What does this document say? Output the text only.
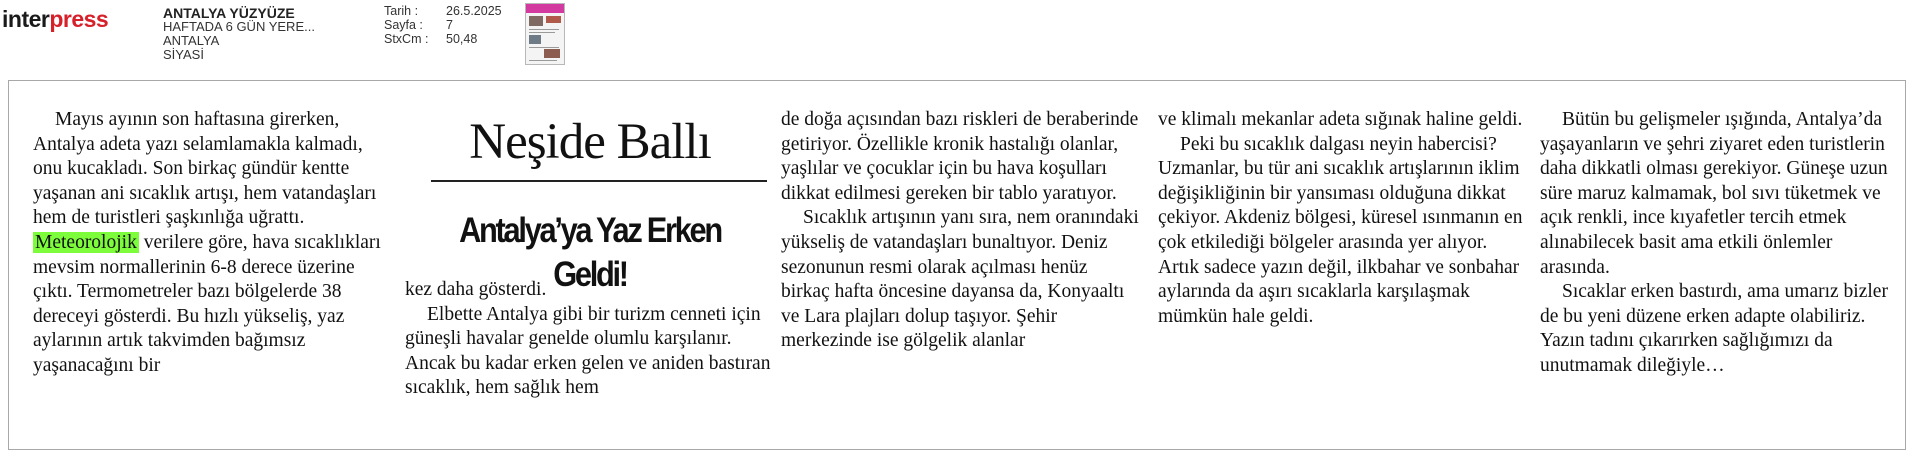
interpress	ANTALYA YÜZYÜZE
HAFTADA 6 GÜN YERE...
ANTALYA
SİYASİ
Tarih :	26.5.2025
Sayfa :	7
StxCm :	50,48

Mayıs ayının son haftasına girerken, Antalya adeta yazı selamlamakla kalmadı, onu kucakladı. Son birkaç gündür kentte yaşanan ani sıcaklık artışı, hem vatandaşları hem de turistleri şaşkınlığa uğrattı. Meteorolojik verilere göre, hava sıcaklıkları mevsim normallerinin 6-8 derece üzerine çıktı. Termometreler bazı bölgelerde 38 dereceyi gösterdi. Bu hızlı yükseliş, yaz aylarının artık takvimden bağımsız yaşanacağını bir

Neşide Ballı
Antalya’ya Yaz Erken Geldi!

kez daha gösterdi.

Elbette Antalya gibi bir turizm cenneti için güneşli havalar genelde olumlu karşılanır. Ancak bu kadar erken gelen ve aniden bastıran sıcaklık, hem sağlık hem

de doğa açısından bazı riskleri de beraberinde getiriyor. Özellikle kronik hastalığı olanlar, yaşlılar ve çocuklar için bu hava koşulları dikkat edilmesi gereken bir tablo yaratıyor.

Sıcaklık artışının yanı sıra, nem oranındaki yükseliş de vatandaşları bunaltıyor. Deniz sezonunun resmi olarak açılması henüz birkaç hafta öncesine dayansa da, Konyaaltı ve Lara plajları dolup taşıyor. Şehir merkezinde ise gölgelik alanlar

ve klimalı mekanlar adeta sığınak haline geldi.

Peki bu sıcaklık dalgası neyin habercisi? Uzmanlar, bu tür ani sıcaklık artışlarının iklim değişikliğinin bir yansıması olduğuna dikkat çekiyor. Akdeniz bölgesi, küresel ısınmanın en çok etkilediği bölgeler arasında yer alıyor. Artık sadece yazın değil, ilkbahar ve sonbahar aylarında da aşırı sıcaklarla karşılaşmak mümkün hale geldi.

Bütün bu gelişmeler ışığında, Antalya’da yaşayanların ve şehri ziyaret eden turistlerin daha dikkatli olması gerekiyor. Güneşe uzun süre maruz kalmamak, bol sıvı tüketmek ve açık renkli, ince kıyafetler tercih etmek alınabilecek basit ama etkili önlemler arasında.

Sıcaklar erken bastırdı, ama umarız bizler de bu yeni düzene erken adapte olabiliriz. Yazın tadını çıkarırken sağlığımızı da unutmamak dileğiyle…
